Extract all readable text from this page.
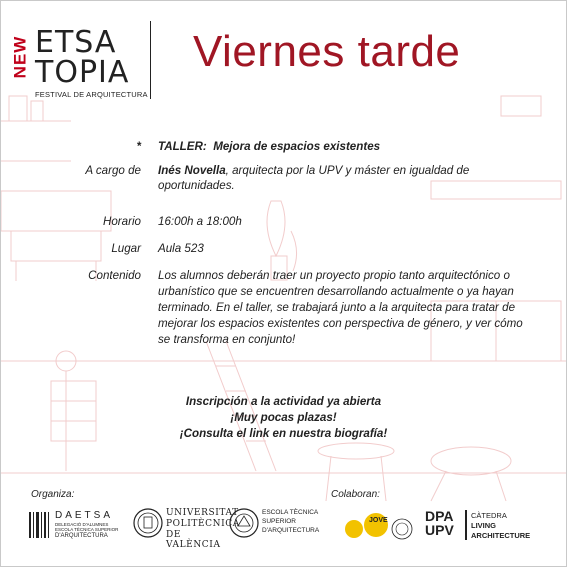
NEW ETSA
TOPIA
FESTIVAL DE ARQUITECTURA
Viernes tarde
* TALLER: Mejora de espacios existentes
A cargo de Inés Novella, arquitecta por la UPV y máster en igualdad de
oportunidades.
Horario 16:00h a 18:00h
Lugar Aula 523
Contenido Los alumnos deberán traer un proyecto propio tanto arquitectónico o
urbanístico que se encuentren desarrollando actualmente o ya hayan
terminado. En el taller, se trabajará junto a la arquitecta para tratar de
mejorar los espacios existentes con perspectiva de género, y ver cómo
se transforma en conjunto!
Inscripción a la actividad ya abierta
¡Muy pocas plazas!
¡Consulta el link en nuestra biografía!
Organiza:
DAETSA
DELEGACIÓ D'ALUMNES
ESCOLA TÈCNICA SUPERIOR
D'ARQUITECTURA
UNIVERSITAT
POLITÈCNICA
DE VALÈNCIA
ESCOLA TÈCNICA
SUPERIOR
D'ARQUITECTURA
Colaboran:
JOVE	DPA
UPV
CÀTEDRA
LIVING
ARCHITECTURE
